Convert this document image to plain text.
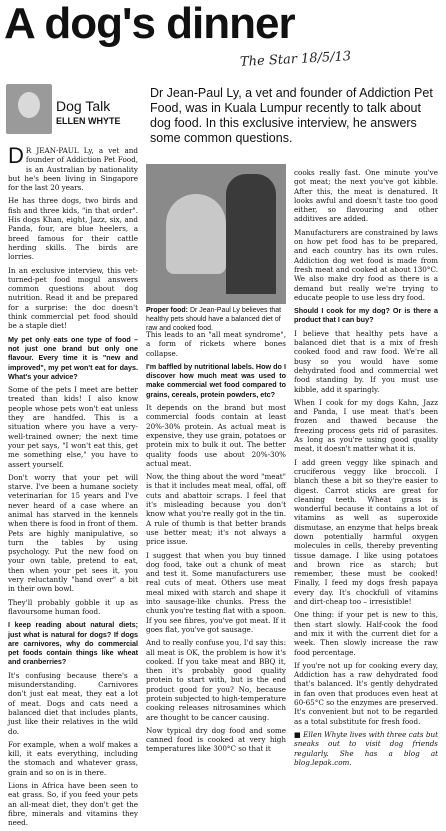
A dog's dinner
The Star 18/5/13
Dog Talk
ELLEN WHYTE
Dr Jean-Paul Ly, a vet and founder of Addiction Pet Food, was in Kuala Lumpur recently to talk about dog food. In this exclusive interview, he answers some common questions.

D R JEAN-PAUL Ly, a vet and founder of Addiction Pet Food, is an Australian by nationality but he's been living in Singapore for the last 20 years.

He has three dogs, two birds and fish and three kids, "in that order". His dogs Khan, eight, Jazz, six, and Panda, four, are blue heelers, a breed famous for their cattle herding skills. The birds are lorries.

In an exclusive interview, this vet-turned-pet food mogul answers common questions about dog nutrition. Read it and be prepared for a surprise: the doc doesn't think commercial pet food should be a staple diet!

My pet only eats one type of food – not just one brand but only one flavour. Every time it is "new and improved", my pet won't eat for days. What's your advice?

Some of the pets I meet are better treated than kids! I also know people whose pets won't eat unless they are handfed. This is a situation where you have a very-well-trained owner; the next time your pet says, "I won't eat this, get me something else," you have to assert yourself.

Don't worry that your pet will starve. I've been a humane society veterinarian for 15 years and I've never heard of a case where an animal has starved in the kennels when there is food in front of them. Pets are highly manipulative, so turn the tables by using psychology. Put the new food on your own table, pretend to eat, then when your pet sees it, you very reluctantly "hand over" a bit in their own bowl.

They'll probably gobble it up as flavoursome human food.

I keep reading about natural diets; just what is natural for dogs? If dogs are carnivores, why do commercial pet foods contain things like wheat and cranberries?

It's confusing because there's a misunderstanding. Carnivores don't just eat meat, they eat a lot of meat. Dogs and cats need a balanced diet that includes plants, just like their relatives in the wild do.

For example, when a wolf makes a kill, it eats everything, including the stomach and whatever grass, grain and so on is in there.

Lions in Africa have been seen to eat grass. So, if you feed your pets an all-meat diet, they don't get the fibre, minerals and vitamins they need.

Proper food: Dr Jean-Paul Ly believes that healthy pets should have a balanced diet of raw and cooked food.

This leads to an "all meat syndrome", a form of rickets where bones collapse.

I'm baffled by nutritional labels. How do I discover how much meat was used to make commercial wet food compared to grains, cereals, protein powders, etc?

It depends on the brand but most commercial foods contain at least 20%-30% protein. As actual meat is expensive, they use grain, potatoes or protein mix to bulk it out. The better quality foods use about 20%-30% actual meat.

Now, the thing about the word "meat" is that it includes meat meal, offal, off cuts and abattoir scraps. I feel that it's misleading because you don't know what you're really got in the tin. A rule of thumb is that better brands use better meat; it's not always a price issue.

I suggest that when you buy tinned dog food, take out a chunk of meat and test it. Some manufacturers use real cuts of meat. Others use meat meal mixed with starch and shape it into sausage-like chunks. Press the chunk you're testing flat with a spoon. If you see fibres, you've got meat. If it goes flat, you've got sausage.

And to really confuse you, I'd say this: all meat is OK, the problem is how it's cooked. If you take meat and BBQ it, then it's probably good quality protein to start with, but is the end product good for you? No, because protein subjected to high-temperature cooking releases nitrosamines which are thought to be cancer causing.

Now typical dry dog food and some canned food is cooked at very high temperatures like 300°C so that it

cooks really fast. One minute you've got meat; the next you've got kibble. After this, the meat is denatured. It looks awful and doesn't taste too good either, so flavouring and other additives are added.

Manufacturers are constrained by laws on how pet food has to be prepared, and each country has its own rules. Addiction dog wet food is made from fresh meat and cooked at about 130°C. We also make dry food as there is a demand but really we're trying to educate people to use less dry food.

Should I cook for my dog? Or is there a product that I can buy?

I believe that healthy pets have a balanced diet that is a mix of fresh cooked food and raw food. We're all busy so you would have some dehydrated food and commercial wet food standing by. If you must use kibble, add it sparingly.

When I cook for my dogs Kahn, Jazz and Panda, I use meat that's been frozen and thawed because the freezing process gets rid of parasites. As long as you're using good quality meat, it doesn't matter what it is.

I add green veggy like spinach and cruciferous veggy like broccoli. I blanch these a bit so they're easier to digest. Carrot sticks are great for cleaning teeth. Wheat grass is wonderful because it contains a lot of vitamins as well as superoxide dismutase, an enzyme that helps break down potentially harmful oxygen molecules in cells, thereby preventing tissue damage. I like using potatoes and brown rice as starch; but remember, these must be cooked! Finally, I feed my dogs fresh papaya every day. It's chockfull of vitamins and dirt-cheap too – irresistible!

One thing: if your pet is new to this, then start slowly. Half-cook the food and mix it with the current diet for a week. Then slowly increase the raw food percentage.

If you're not up for cooking every day, Addiction has a raw dehydrated food that's balanced. It's gently dehydrated in fan oven that produces even heat at 60-65°C so the enzymes are preserved. It's convenient but not to be regarded as a total substitute for fresh food.

■ Ellen Whyte lives with three cats but sneaks out to visit dog friends regularly. She has a blog at blog.lepak.com.
